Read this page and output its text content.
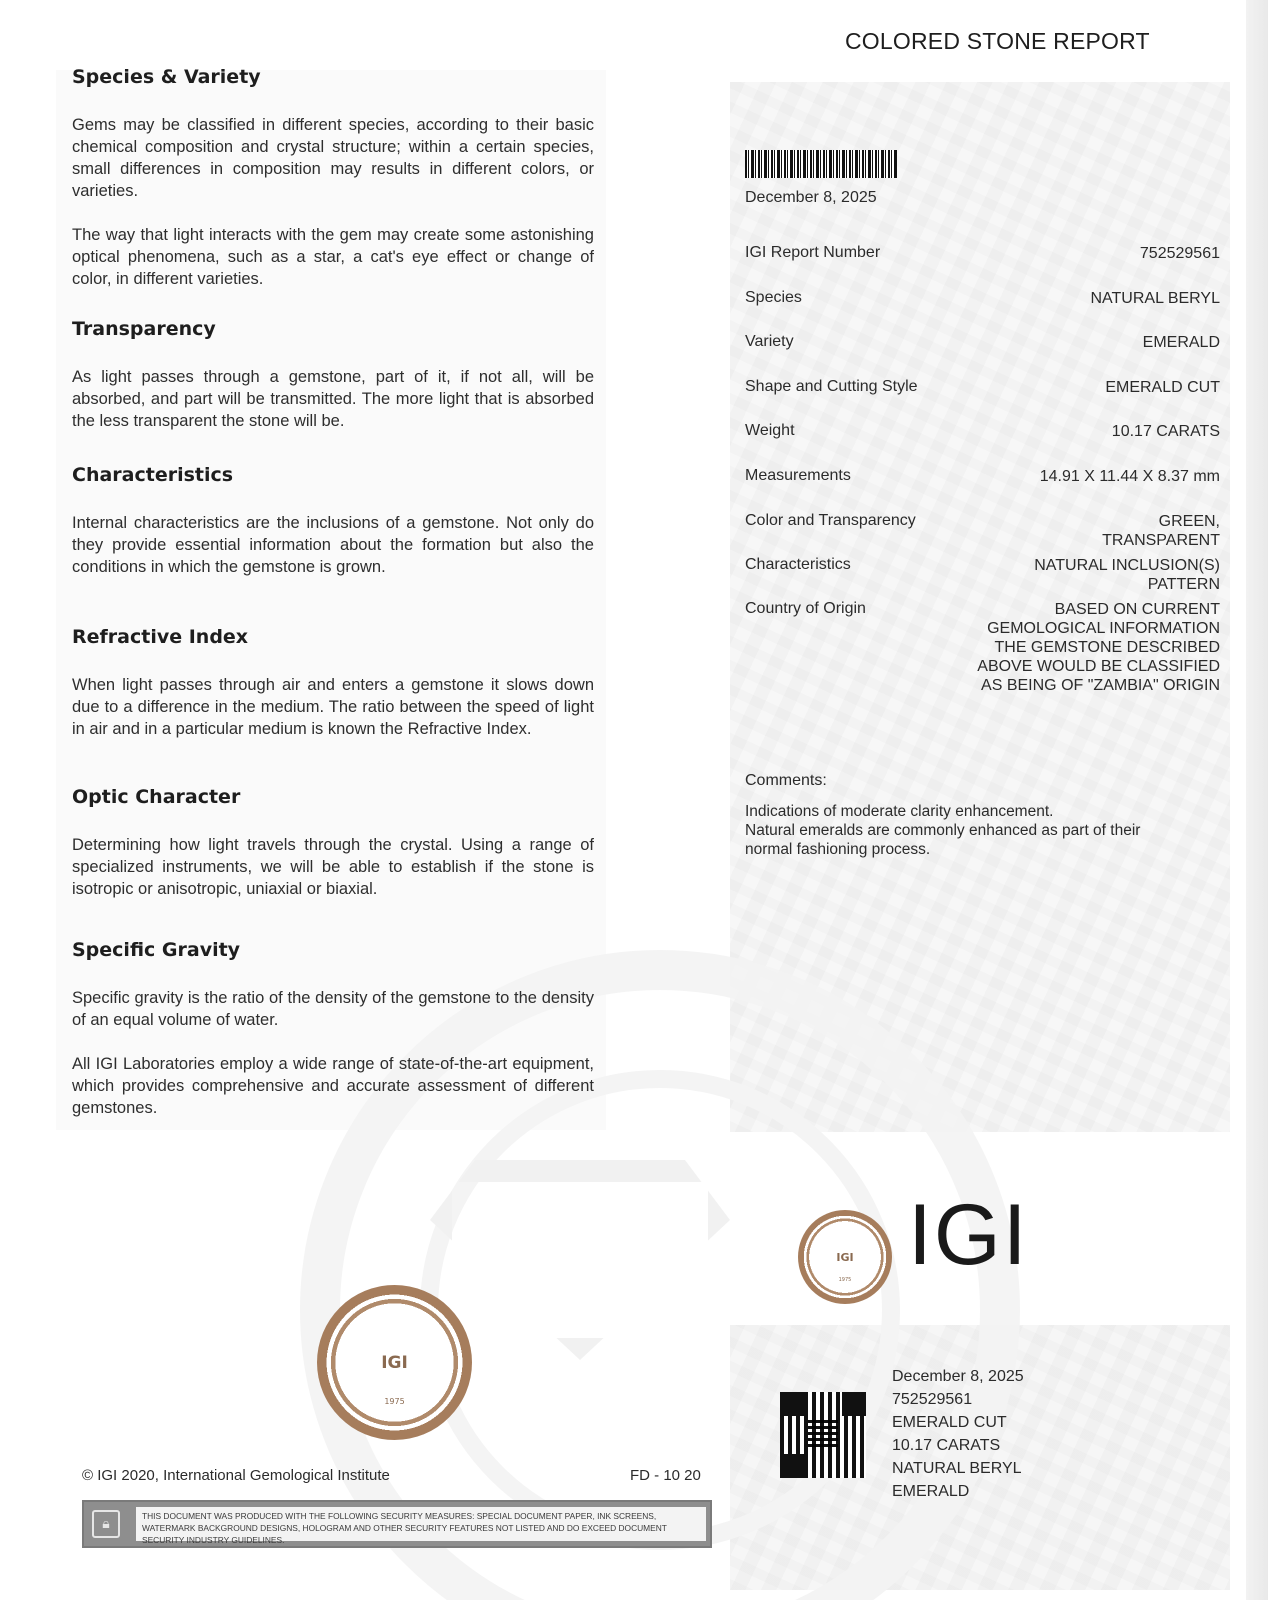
COLORED STONE REPORT
Species & Variety

Gems may be classified in different species, according to their basic chemical composition and crystal structure; within a certain species, small differences in composition may results in different colors, or varieties.

The way that light interacts with the gem may create some astonishing optical phenomena, such as a star, a cat's eye effect or change of color, in different varieties.

Transparency

As light passes through a gemstone, part of it, if not all, will be absorbed, and part will be transmitted. The more light that is absorbed the less transparent the stone will be.

Characteristics

Internal characteristics are the inclusions of a gemstone. Not only do they provide essential information about the formation but also the conditions in which the gemstone is grown.

Refractive Index

When light passes through air and enters a gemstone it slows down due to a difference in the medium. The ratio between the speed of light in air and in a particular medium is known the Refractive Index.

Optic Character

Determining how light travels through the crystal. Using a range of specialized instruments, we will be able to establish if the stone is isotropic or anisotropic, uniaxial or biaxial.

Specific Gravity

Specific gravity is the ratio of the density of the gemstone to the density of an equal volume of water.

All IGI Laboratories employ a wide range of state-of-the-art equipment, which provides comprehensive and accurate assessment of different gemstones.

December 8, 2025
IGI Report Number	752529561
Species	NATURAL BERYL
Variety	EMERALD
Shape and Cutting Style	EMERALD CUT
Weight	10.17 CARATS
Measurements	14.91 X 11.44 X 8.37 mm
Color and Transparency	GREEN,
TRANSPARENT
Characteristics	NATURAL INCLUSION(S) PATTERN
Country of Origin	BASED ON CURRENT
GEMOLOGICAL INFORMATION
THE GEMSTONE DESCRIBED
ABOVE WOULD BE CLASSIFIED
AS BEING OF "ZAMBIA" ORIGIN
Comments:
Indications of moderate clarity enhancement.
Natural emeralds are commonly enhanced as part of their
normal fashioning process.
IGI
1975 IGI
IGI
1975
December 8, 2025
752529561
EMERALD CUT
10.17 CARATS
NATURAL BERYL
EMERALD
© IGI 2020, International Gemological Institute	FD - 10 20
🔒︎	THIS DOCUMENT WAS PRODUCED WITH THE FOLLOWING SECURITY MEASURES: SPECIAL DOCUMENT PAPER, INK SCREENS, WATERMARK BACKGROUND DESIGNS, HOLOGRAM AND OTHER SECURITY FEATURES NOT LISTED AND DO EXCEED DOCUMENT SECURITY INDUSTRY GUIDELINES.
